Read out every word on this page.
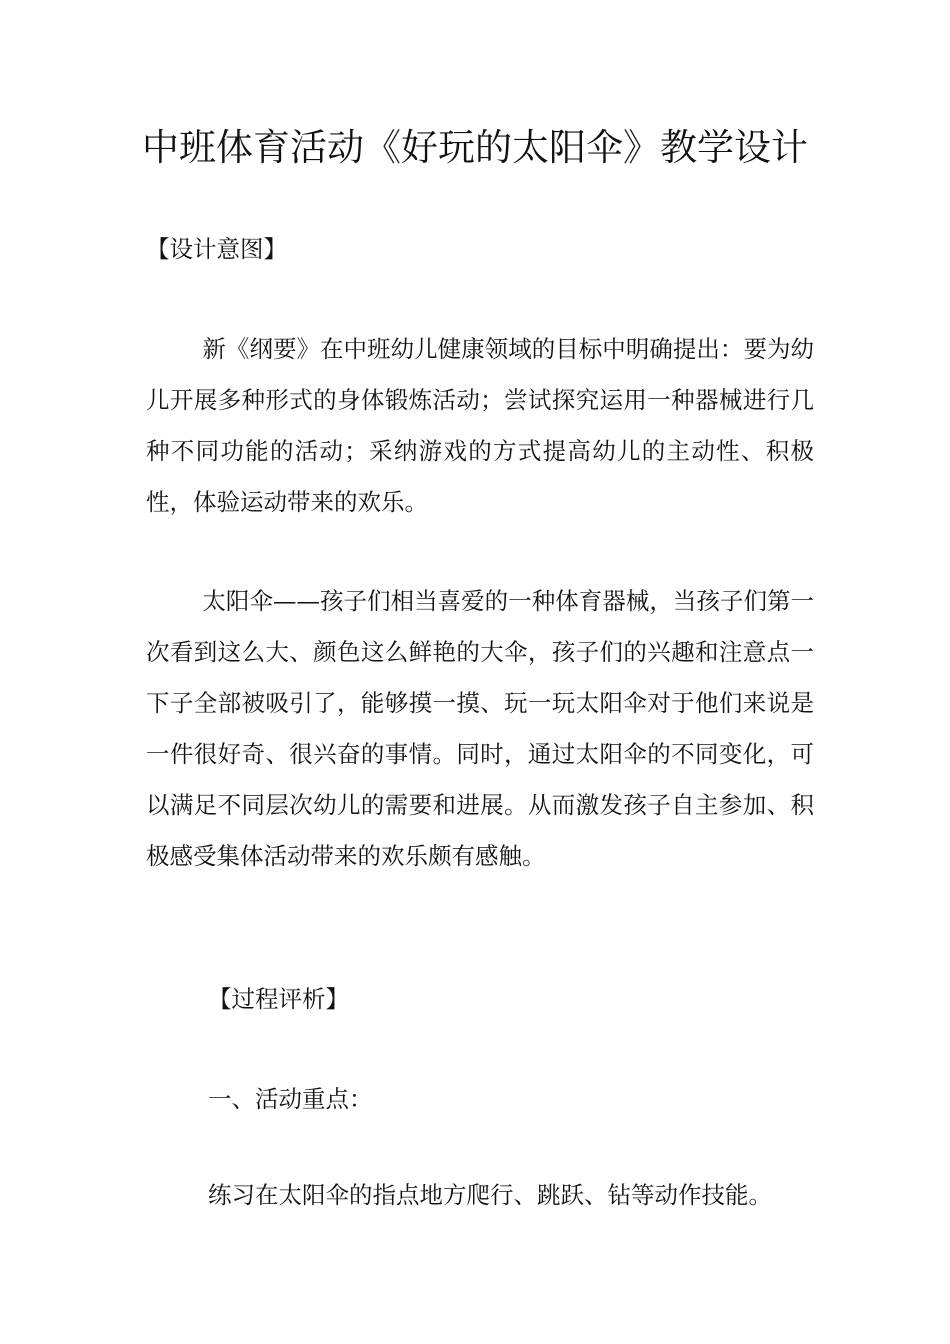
中班体育活动《好玩的太阳伞》教学设计

【设计意图】

新《纲要》在中班幼儿健康领域的目标中明确提出：要为幼儿开展多种形式的身体锻炼活动；尝试探究运用一种器械进行几种不同功能的活动；采纳游戏的方式提高幼儿的主动性、积极性，体验运动带来的欢乐。

太阳伞——孩子们相当喜爱的一种体育器械，当孩子们第一次看到这么大、颜色这么鲜艳的大伞，孩子们的兴趣和注意点一下子全部被吸引了，能够摸一摸、玩一玩太阳伞对于他们来说是一件很好奇、很兴奋的事情。同时，通过太阳伞的不同变化，可以满足不同层次幼儿的需要和进展。从而激发孩子自主参加、积极感受集体活动带来的欢乐颇有感触。

【过程评析】

一、活动重点：

练习在太阳伞的指点地方爬行、跳跃、钻等动作技能。
